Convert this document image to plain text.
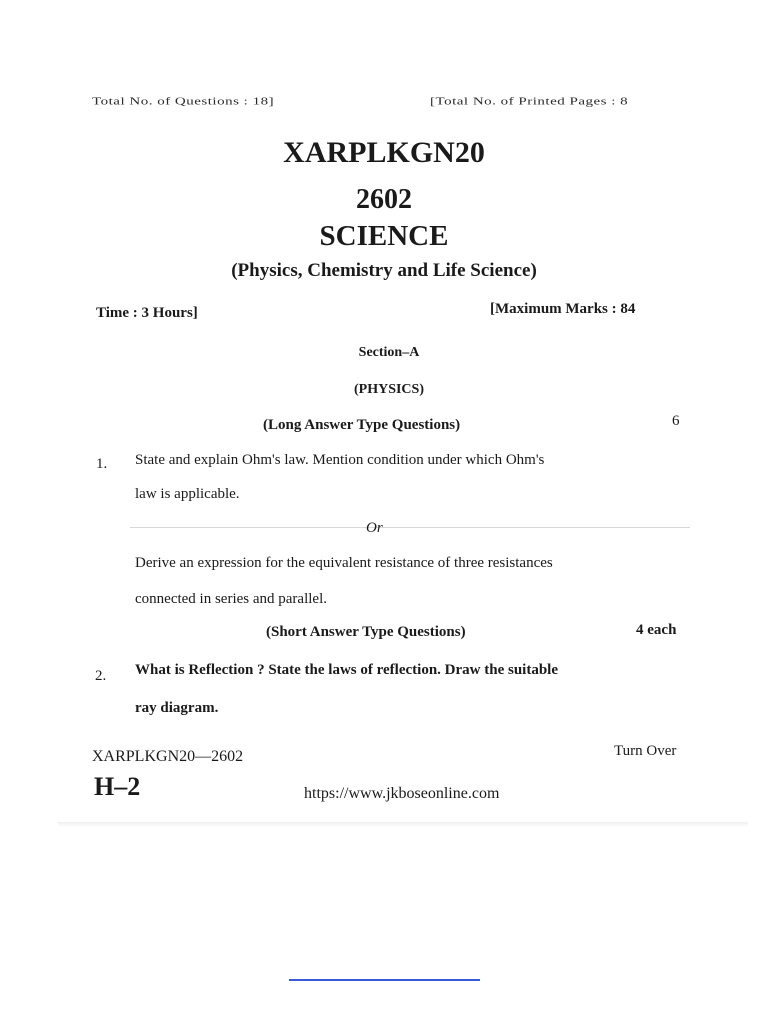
Total No. of Questions : 18]	[Total No. of Printed Pages : 8
XARPLKGN20
2602
SCIENCE
(Physics, Chemistry and Life Science)
Time : 3 Hours]	[Maximum Marks : 84
Section–A
(PHYSICS)
(Long Answer Type Questions)	6
1. State and explain Ohm's law. Mention condition under which Ohm's
law is applicable.
Or
Derive an expression for the equivalent resistance of three resistances
connected in series and parallel.
(Short Answer Type Questions)	4 each
2. What is Reflection ? State the laws of reflection. Draw the suitable
ray diagram.
XARPLKGN20—2602	Turn Over
H–2	https://www.jkboseonline.com
